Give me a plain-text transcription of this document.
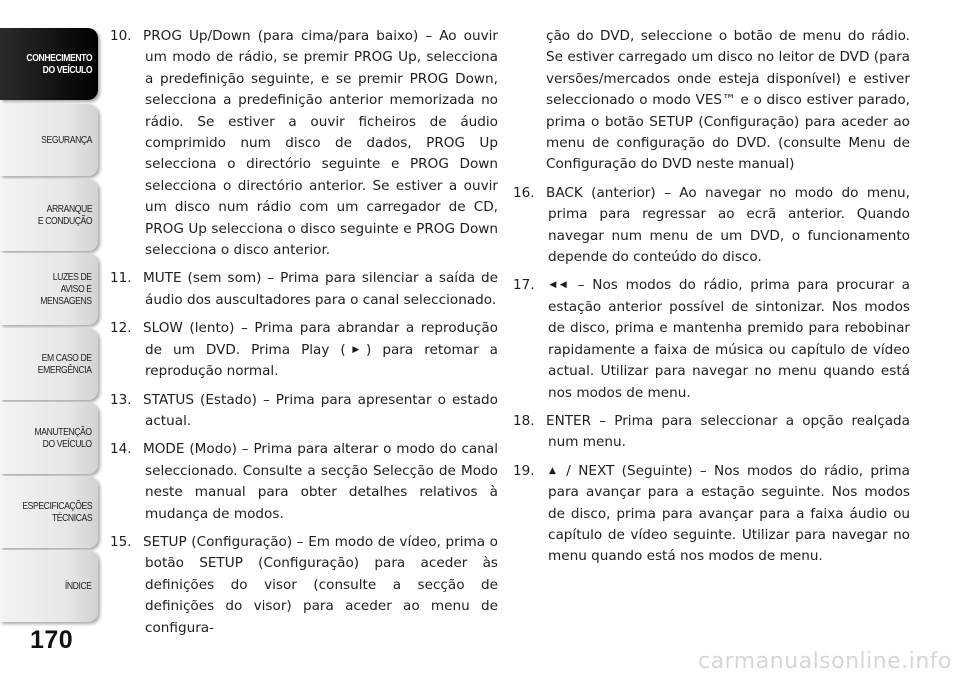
CONHECIMENTO
DO VEÍCULO
SEGURANÇA
ARRANQUE
E CONDUÇÃO
LUZES DE
AVISO E
MENSAGENS
EM CASO DE
EMERGÊNCIA
MANUTENÇÃO
DO VEÍCULO
ESPECIFICAÇÕES
TÉCNICAS
ÍNDICE
170

10. PROG Up/Down (para cima/para baixo) – Ao ouvir um modo de rádio, se premir PROG Up, selecciona a predefinição seguinte, e se premir PROG Down, selecciona a predefinição anterior memorizada no rádio. Se estiver a ouvir ficheiros de áudio comprimido num disco de dados, PROG Up selecciona o directório seguinte e PROG Down selecciona o directório anterior. Se estiver a ouvir um disco num rádio com um carregador de CD, PROG Up selecciona o disco seguinte e PROG Down selecciona o disco anterior.

11. MUTE (sem som) – Prima para silenciar a saída de áudio dos auscultadores para o canal seleccionado.

12. SLOW (lento) – Prima para abrandar a reprodução de um DVD. Prima Play (▶) para retomar a reprodução normal.

13. STATUS (Estado) – Prima para apresentar o estado actual.

14. MODE (Modo) – Prima para alterar o modo do canal seleccionado. Consulte a secção Selecção de Modo neste manual para obter detalhes relativos à mudança de modos.

15. SETUP (Configuração) – Em modo de vídeo, prima o botão SETUP (Configuração) para aceder às definições do visor (consulte a secção de definições do visor) para aceder ao menu de configura-

ção do DVD, seleccione o botão de menu do rádio. Se estiver carregado um disco no leitor de DVD (para versões/mercados onde esteja disponível) e estiver seleccionado o modo VES™ e o disco estiver parado, prima o botão SETUP (Configuração) para aceder ao menu de configuração do DVD. (consulte Menu de Configuração do DVD neste manual)

16. BACK (anterior) – Ao navegar no modo do menu, prima para regressar ao ecrã anterior. Quando navegar num menu de um DVD, o funcionamento depende do conteúdo do disco.

17. ◀◀ – Nos modos do rádio, prima para procurar a estação anterior possível de sintonizar. Nos modos de disco, prima e mantenha premido para rebobinar rapidamente a faixa de música ou capítulo de vídeo actual. Utilizar para navegar no menu quando está nos modos de menu.

18. ENTER – Prima para seleccionar a opção realçada num menu.

19. ▲ / NEXT (Seguinte) – Nos modos do rádio, prima para avançar para a estação seguinte. Nos modos de disco, prima para avançar para a faixa áudio ou capítulo de vídeo seguinte. Utilizar para navegar no menu quando está nos modos de menu.

carmanualsonline.info
